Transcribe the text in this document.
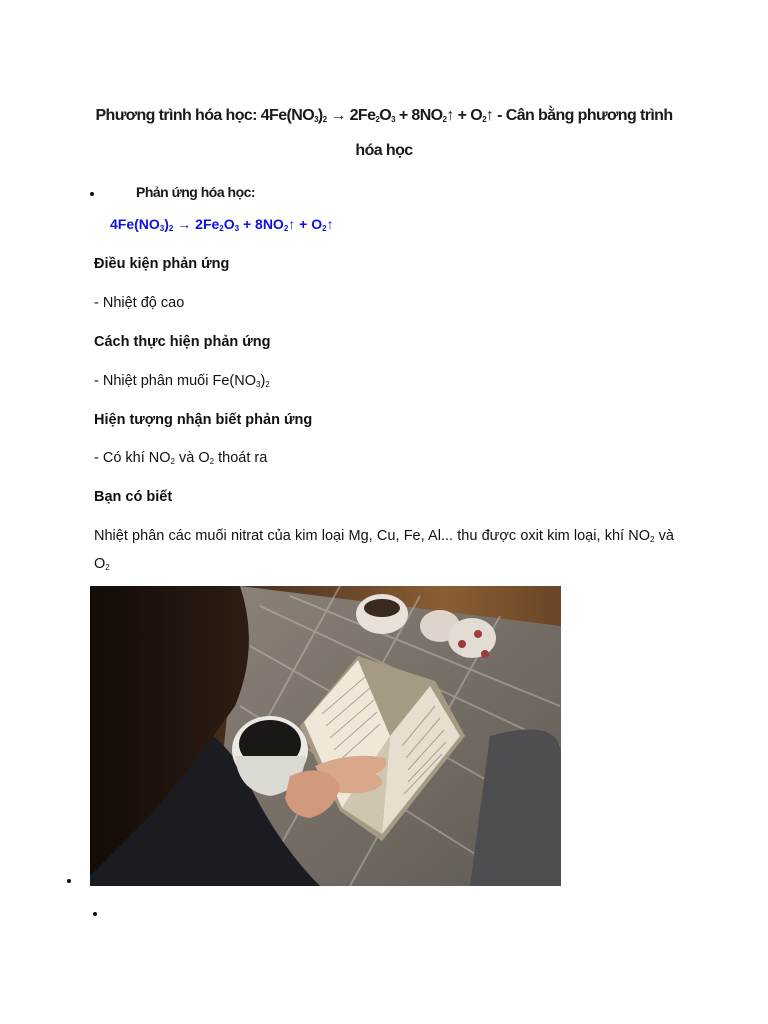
Phương trình hóa học: $4Fe(NO_3)_2 \to 2Fe_2O_3$ + $8NO_2↑$ + $O_2↑$ - Cân bằng phương trình hóa học
Phản ứng hóa học:
$4Fe(NO_3)_2 \to 2Fe_2O_3$ + $8NO_2↑$ + $O_2↑$
Điều kiện phản ứng
- Nhiệt độ cao
Cách thực hiện phản ứng
- Nhiệt phân muối $Fe(NO_3)_2$
Hiện tượng nhận biết phản ứng
- Có khí $NO_2$ và $O_2$ thoát ra
Bạn có biết
Nhiệt phân các muối nitrat của kim loại Mg, Cu, Fe, Al... thu được oxit kim loại, khí $NO_2$ và $O_2$
